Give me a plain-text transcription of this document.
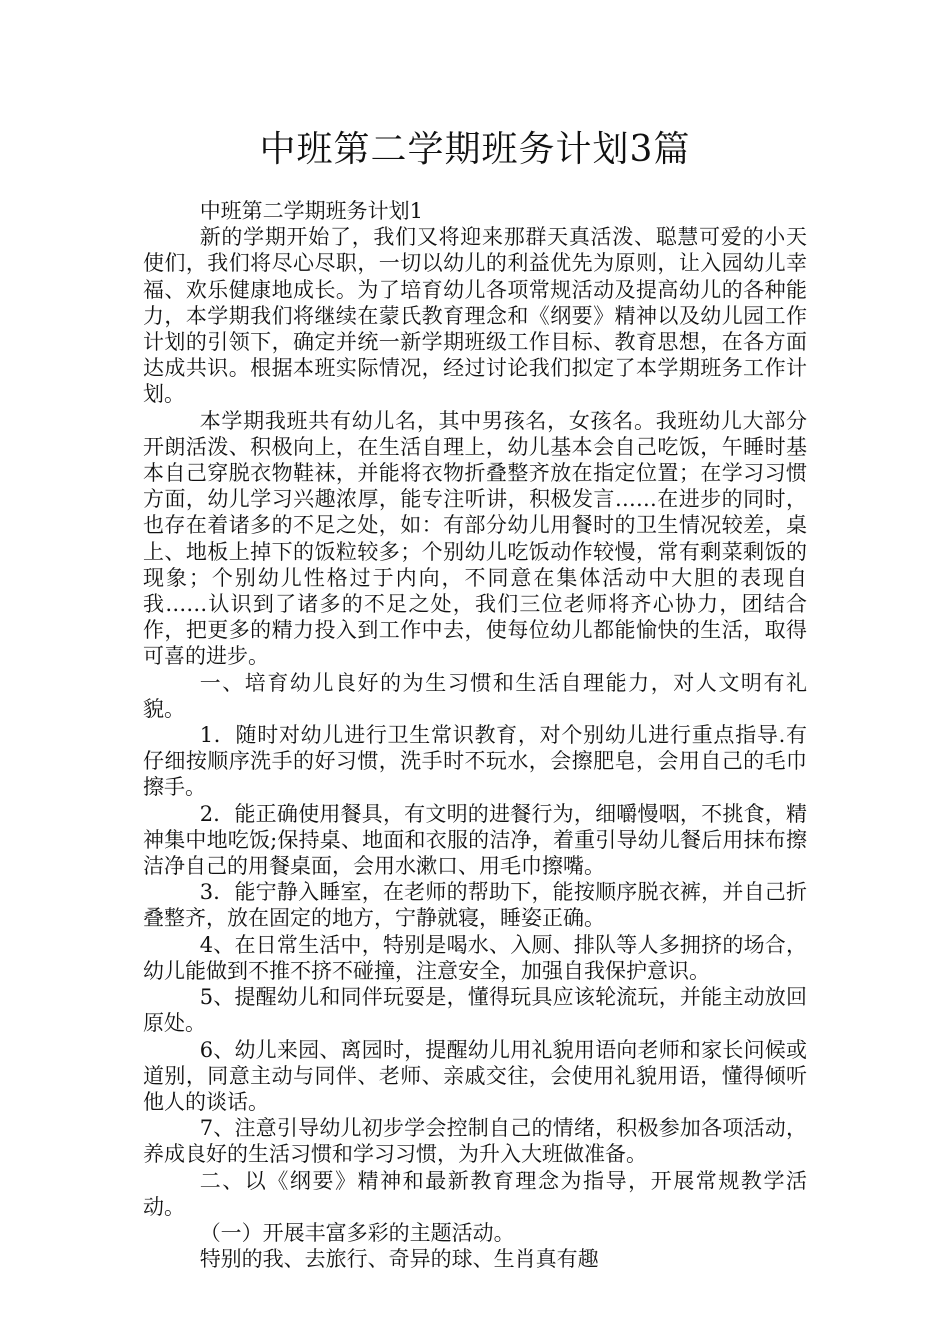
中班第二学期班务计划3篇

中班第二学期班务计划1

新的学期开始了，我们又将迎来那群天真活泼、聪慧可爱的小天使们，我们将尽心尽职，一切以幼儿的利益优先为原则，让入园幼儿幸福、欢乐健康地成长。为了培育幼儿各项常规活动及提高幼儿的各种能力，本学期我们将继续在蒙氏教育理念和《纲要》精神以及幼儿园工作计划的引领下，确定并统一新学期班级工作目标、教育思想，在各方面达成共识。根据本班实际情况，经过讨论我们拟定了本学期班务工作计划。

本学期我班共有幼儿名，其中男孩名，女孩名。我班幼儿大部分开朗活泼、积极向上，在生活自理上，幼儿基本会自己吃饭，午睡时基本自己穿脱衣物鞋袜，并能将衣物折叠整齐放在指定位置；在学习习惯方面，幼儿学习兴趣浓厚，能专注听讲，积极发言……在进步的同时，也存在着诸多的不足之处，如：有部分幼儿用餐时的卫生情况较差，桌上、地板上掉下的饭粒较多；个别幼儿吃饭动作较慢，常有剩菜剩饭的现象；个别幼儿性格过于内向，不同意在集体活动中大胆的表现自我……认识到了诸多的不足之处，我们三位老师将齐心协力，团结合作，把更多的精力投入到工作中去，使每位幼儿都能愉快的生活，取得可喜的进步。

一、培育幼儿良好的为生习惯和生活自理能力，对人文明有礼貌。

1．随时对幼儿进行卫生常识教育，对个别幼儿进行重点指导.有仔细按顺序洗手的好习惯，洗手时不玩水，会擦肥皂，会用自己的毛巾擦手。

2．能正确使用餐具，有文明的进餐行为，细嚼慢咽，不挑食，精神集中地吃饭;保持桌、地面和衣服的洁净，着重引导幼儿餐后用抹布擦洁净自己的用餐桌面，会用水漱口、用毛巾擦嘴。

3．能宁静入睡室，在老师的帮助下，能按顺序脱衣裤，并自己折叠整齐，放在固定的地方，宁静就寝，睡姿正确。

4、在日常生活中，特别是喝水、入厕、排队等人多拥挤的场合，幼儿能做到不推不挤不碰撞，注意安全，加强自我保护意识。

5、提醒幼儿和同伴玩耍是，懂得玩具应该轮流玩，并能主动放回原处。

6、幼儿来园、离园时，提醒幼儿用礼貌用语向老师和家长问候或道别，同意主动与同伴、老师、亲戚交往，会使用礼貌用语，懂得倾听他人的谈话。

7、注意引导幼儿初步学会控制自己的情绪，积极参加各项活动，养成良好的生活习惯和学习习惯，为升入大班做准备。

二、以《纲要》精神和最新教育理念为指导，开展常规教学活动。

（一）开展丰富多彩的主题活动。

特别的我、去旅行、奇异的球、生肖真有趣
